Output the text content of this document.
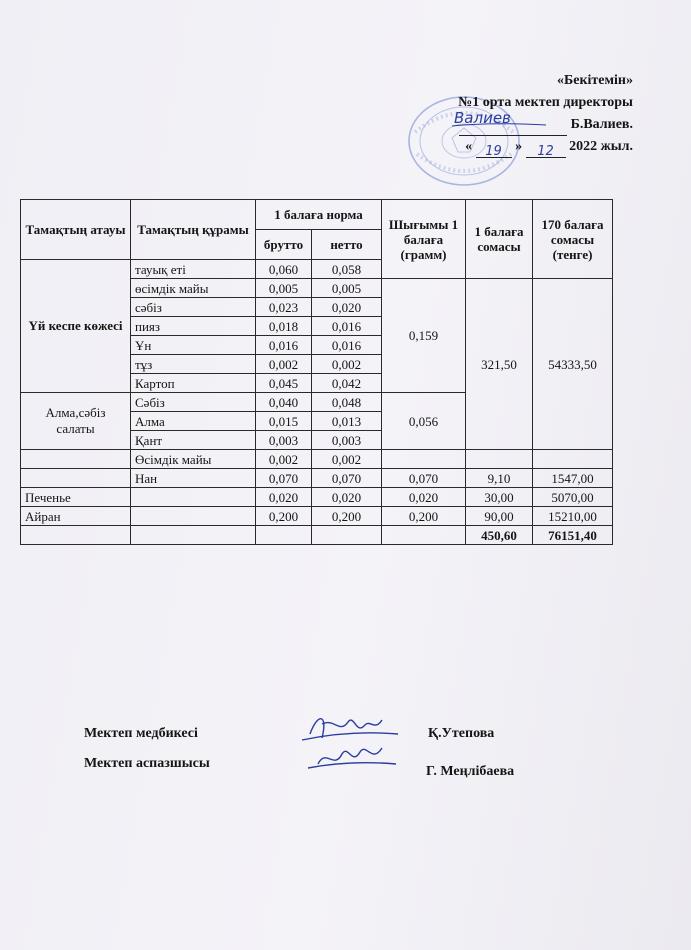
«Бекітемін»
№1 орта мектеп директоры
Б.Валиев.
« 19 » 12 2022 жыл.
Валиев
Тамақтың атауы	Тамақтың құрамы	1 балаға норма		Шығымы 1 балаға (грамм)	1 балаға сомасы	170 балаға сомасы (тенге)
		брутто	нетто			
Үй кеспе көжесі	тауық еті	0,060	0,058			
	өсімдік майы	0,005	0,005	0,159	321,50	54333,50
	сәбіз	0,023	0,020			
	пияз	0,018	0,016			
	Ұн	0,016	0,016			
	тұз	0,002	0,002			
	Картоп	0,045	0,042			
Алма,сәбіз салаты	Сәбіз	0,040	0,048	0,056		
	Алма	0,015	0,013			
	Қант	0,003	0,003			
	Өсімдік майы	0,002	0,002			
	Нан	0,070	0,070	0,070	9,10	1547,00
Печенье		0,020	0,020	0,020	30,00	5070,00
Айран		0,200	0,200	0,200	90,00	15210,00
					450,60	76151,40
Мектеп медбикесі	Қ.Утепова
Мектеп аспазшысы
Г. Меңлібаева
